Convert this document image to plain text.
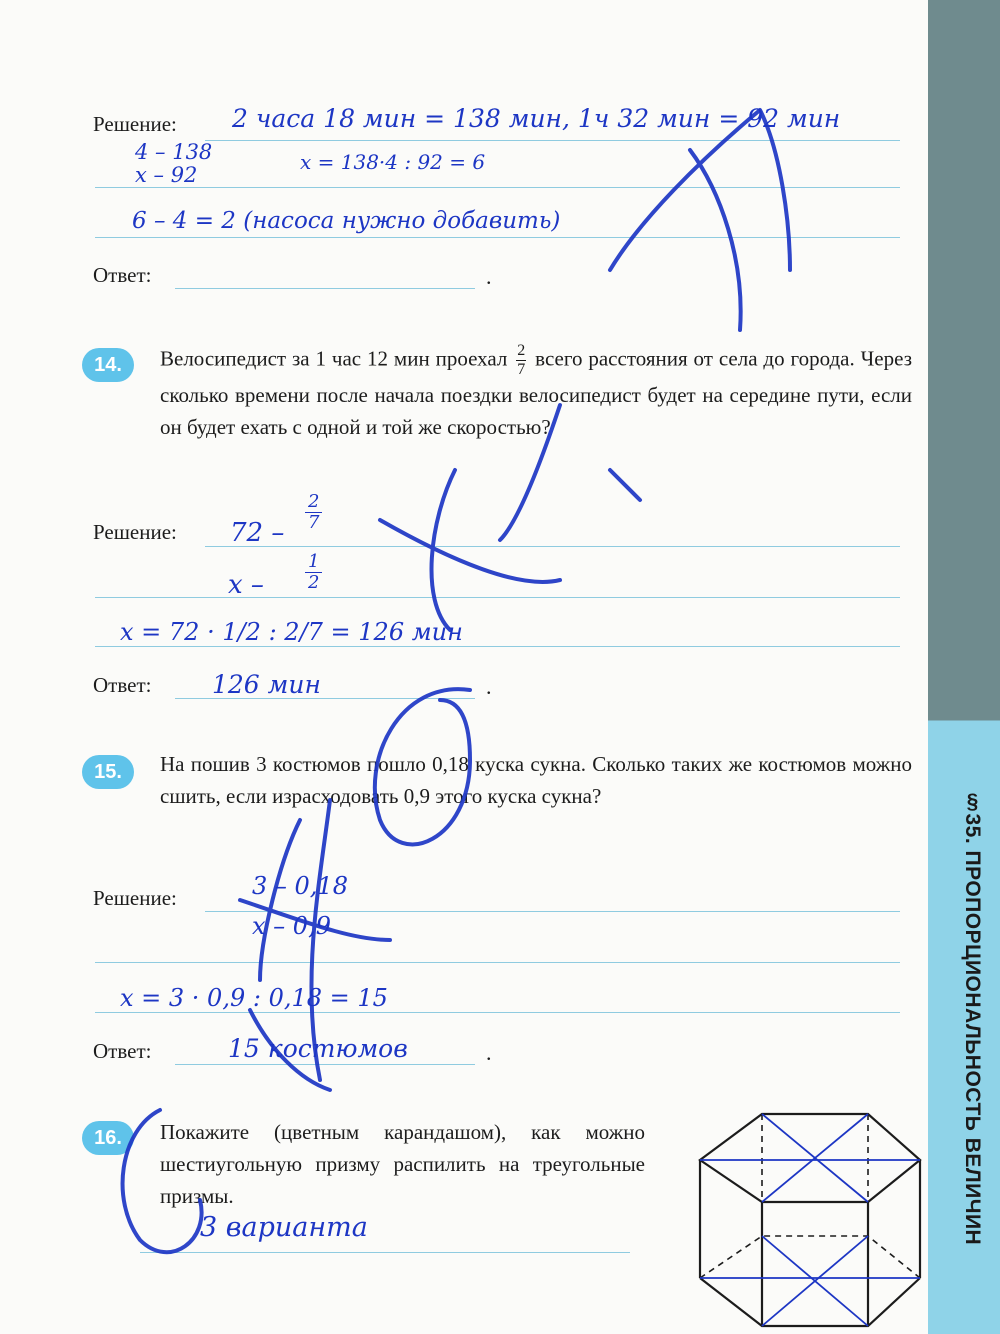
§35. ПРОПОРЦИОНАЛЬНОСТЬ ВЕЛИЧИН
Решение:
Ответ:	.
2 часа 18 мин = 138 мин, 1ч 32 мин = 92 мин
4 – 138
x – 92
x = 138·4 : 92 = 6
6 – 4 = 2 (насоса нужно добавить)
14.	Велосипедист за 1 час 12 мин проехал $\frac{2}{7}$ всего расстояния от села до города. Через сколько времени после начала поездки велосипедист будет на середине пути, если он будет ехать с одной и той же скоростью?
Решение:
Ответ:	.
$72 - \frac{2}{7}$
x – $\frac{1}{2}$
x = 72 · 1/2 : 2/7 = 126 мин
126 мин
15.	На пошив 3 костюмов пошло 0,18 куска сукна. Сколько таких же костюмов можно сшить, если израсходовать 0,9 этого куска сукна?
Решение:
Ответ:	.
3 – 0,18
x – 0,9
x = 3 · 0,9 : 0,18 = 15
15 костюмов
16.	Покажите (цветным карандашом), как можно шестиугольную призму распилить на треугольные призмы.
3 варианта
